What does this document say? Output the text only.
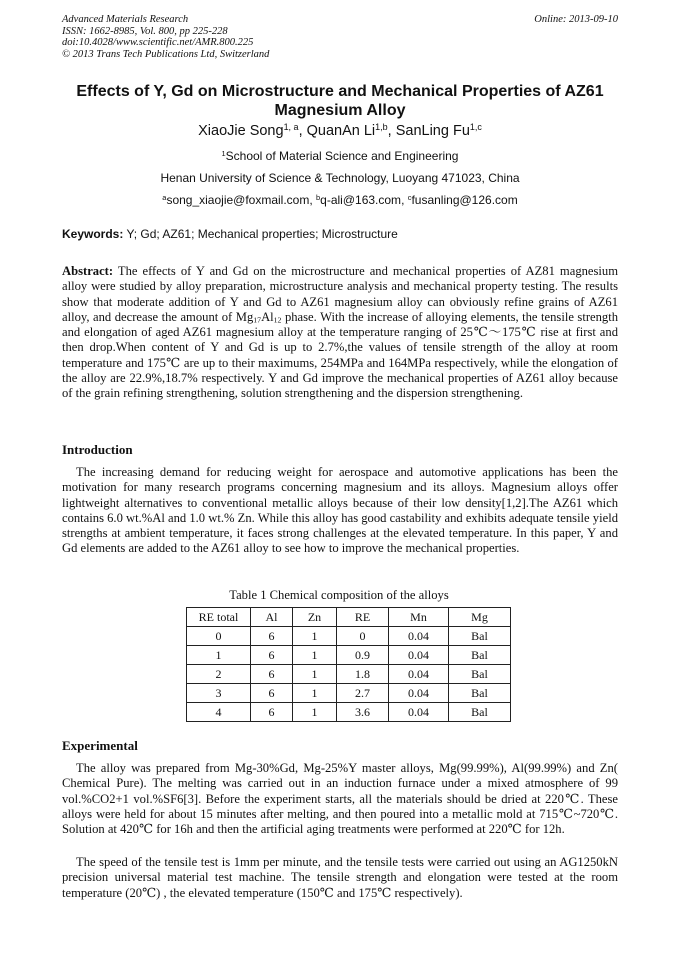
Advanced Materials Research
ISSN: 1662-8985, Vol. 800, pp 225-228
doi:10.4028/www.scientific.net/AMR.800.225
© 2013 Trans Tech Publications Ltd, Switzerland
Online: 2013-09-10
Effects of Y, Gd on Microstructure and Mechanical Properties of AZ61
Magnesium Alloy
XiaoJie Song$^{1, a}$, QuanAn Li$^{1,b}$, SanLing Fu$^{1,c}$
$^1$School of Material Science and Engineering
Henan University of Science & Technology, Luoyang 471023, China
$^a$song_xiaojie@foxmail.com, $^b$q-ali@163.com, $^c$fusanling@126.com
Keywords: Y; Gd; AZ61; Mechanical properties; Microstructure

Abstract: The effects of Y and Gd on the microstructure and mechanical properties of AZ81 magnesium alloy were studied by alloy preparation, microstructure analysis and mechanical property testing. The results show that moderate addition of Y and Gd to AZ61 magnesium alloy can obviously refine grains of AZ61 alloy, and decrease the amount of $Mg_{17}Al_{12}$ phase. With the increase of alloying elements, the tensile strength and elongation of aged AZ61 magnesium alloy at the temperature ranging of 25℃～175℃ rise at first and then drop.When content of Y and Gd is up to 2.7%,the values of tensile strength of the alloy at room temperature and 175℃ are up to their maximums, 254MPa and 164MPa respectively, while the elongation of the alloy are 22.9%,18.7% respectively. Y and Gd improve the mechanical properties of AZ61 alloy because of the grain refining strengthening, solution strengthening and the dispersion strengthening.

Introduction

The increasing demand for reducing weight for aerospace and automotive applications has been the motivation for many research programs concerning magnesium and its alloys. Magnesium alloys offer lightweight alternatives to conventional metallic alloys because of their low density[1,2].The AZ61 which contains 6.0 wt.%Al and 1.0 wt.% Zn. While this alloy has good castability and exhibits adequate tensile yield strengths at ambient temperature, it faces strong challenges at the elevated temperature. In this paper, Y and Gd elements are added to the AZ61 alloy to see how to improve the mechanical properties.

Table 1 Chemical composition of the alloys
RE total	Al	Zn	RE	Mn	Mg
0	6	1	0	0.04	Bal
1	6	1	0.9	0.04	Bal
2	6	1	1.8	0.04	Bal
3	6	1	2.7	0.04	Bal
4	6	1	3.6	0.04	Bal
Experimental

The alloy was prepared from Mg-30%Gd, Mg-25%Y master alloys, Mg(99.99%), Al(99.99%) and Zn( Chemical Pure). The melting was carried out in an induction furnace under a mixed atmosphere of 99 vol.%CO2+1 vol.%SF6[3]. Before the experiment starts, all the materials should be dried at 220℃. These alloys were held for about 15 minutes after melting, and then poured into a metallic mold at 715℃~720℃. Solution at 420℃ for 16h and then the artificial aging treatments were performed at 220℃ for 12h.

The speed of the tensile test is 1mm per minute, and the tensile tests were carried out using an AG1250kN precision universal material test machine. The tensile strength and elongation were tested at the room temperature (20℃) , the elevated temperature (150℃ and 175℃ respectively).
